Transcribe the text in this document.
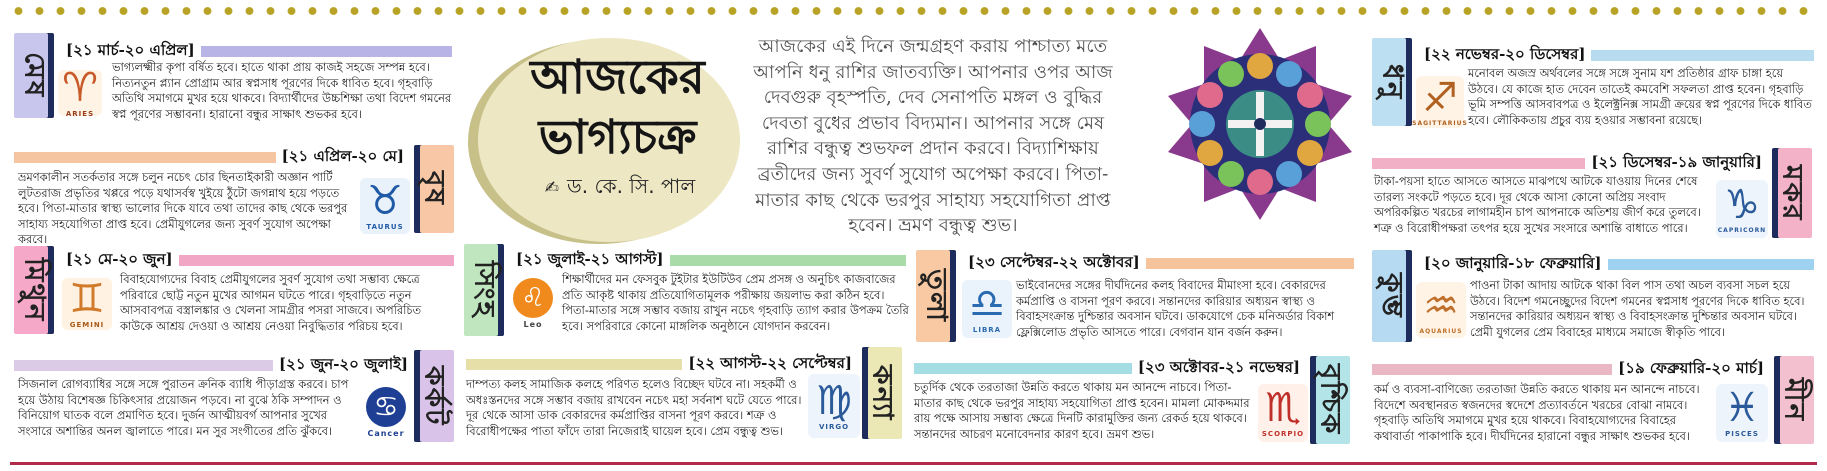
মেষ
[২১ মার্চ-২০ এপ্রিল]
♈
ARIES
ভাগ্যলক্ষ্মীর কৃপা বর্ষিত হবে। হাতে থাকা প্রায় কাজই সহজে সম্পন্ন হবে। নিত্যনতুন প্ল্যান প্রোগ্রাম আর স্বপ্নসাধ পূরণের দিকে ধাবিত হবে। গৃহবাড়ি অতিথি সমাগমে মুখর হয়ে থাকবে। বিদ্যার্থীদের উচ্চশিক্ষা তথা বিদেশ গমনের স্বপ্ন পূরণের সম্ভাবনা। হারানো বন্ধুর সাক্ষাৎ শুভকর হবে।
[২১ এপ্রিল-২০ মে]
বৃষ
♉
TAURUS
ভ্রমণকালীন সতর্কতার সঙ্গে চলুন নচেৎ চোর ছিনতাইকারী অজ্ঞান পার্টি লুটতরাজ প্রভৃতির খপ্পরে পড়ে যথাসর্বস্ব খুইয়ে ঠুঁটো জগন্নাথ হয়ে পড়তে হবে। পিতা-মাতার স্বাস্থ্য ভালোর দিকে যাবে তথা তাদের কাছ থেকে ভরপুর সাহায্য সহযোগিতা প্রাপ্ত হবে। প্রেমীযুগলের জন্য সুবর্ণ সুযোগ অপেক্ষা করবে।
মিথুন [২১ মে-২০ জুন]
♊
GEMINI
বিবাহযোগ্যদের বিবাহ প্রেমীযুগলের সুবর্ণ সুযোগ তথা সম্ভাব্য ক্ষেত্রে পরিবারে ছোট্ট নতুন মুখের আগমন ঘটতে পারে। গৃহবাড়িতে নতুন আসবাবপত্র বস্ত্রালঙ্কার ও খেলনা সামগ্রীর পসরা সাজবে। অপরিচিত কাউকে আশ্রয় দেওয়া ও আশ্রয় নেওয়া নিবুদ্ধিতার পরিচয় হবে।
[২১ জুন-২০ জুলাই]
কর্কট
♋
Cancer
সিজনাল রোগব্যাধির সঙ্গে সঙ্গে পুরাতন ক্রনিক ব্যাধি পীড়াগ্রস্ত করবে। চাপ হয়ে উঠায় বিশেষজ্ঞ চিকিৎসার প্রয়োজন পড়বে। না বুঝে ঠকি সম্পাদন ও বিনিয়োগ ঘাতক বলে প্রমাণিত হবে। দুর্জন আত্মীয়বর্গ আপনার সুখের সংসারে অশান্তির অনল জ্বালাতে পারে। মন সুর সংগীতের প্রতি ঝুঁকবে।
আজকের ভাগ্যচক্র
✍ ড. কে. সি. পাল
সিংহ
[২১ জুলাই-২১ আগস্ট]
♌
Leo
শিক্ষার্থীদের মন ফেসবুক টুইটার ইউটিউব প্রেম প্রসঙ্গ ও অনুচিৎ কাজবাজের প্রতি আকৃষ্ট থাকায় প্রতিযোগিতামূলক পরীক্ষায় জয়লাভ করা কঠিন হবে। পিতা-মাতার সঙ্গে সম্ভাব বজায় রাখুন নচেৎ গৃহবাড়ি ত্যাগ করার উপক্রম তৈরি হবে। সপরিবারে কোনো মাঙ্গলিক অনুষ্ঠানে যোগদান করবেন।
[২২ আগস্ট-২২ সেপ্টেম্বর]
কন্যা
♍
VIRGO
দাম্পত্য কলহ সামাজিক কলহে পরিণত হলেও বিচ্ছেদ ঘটবে না। সহকর্মী ও অধঃস্তনদের সঙ্গে সম্ভাব বজায় রাখবেন নচেৎ মহা সর্বনাশ ঘটে যেতে পারে। দূর থেকে আসা ডাক বেকারদের কর্মপ্রাপ্তির বাসনা পূরণ করবে। শত্রু ও বিরোধীপক্ষের পাতা ফাঁদে তারা নিজেরাই ঘায়েল হবে। প্রেম বন্ধুত্ব শুভ।
আজকের এই দিনে জন্মগ্রহণ করায় পাশ্চাত্য মতে আপনি ধনু রাশির জাতব্যক্তি। আপনার ওপর আজ দেবগুরু বৃহস্পতি, দেব সেনাপতি মঙ্গল ও বুদ্ধির দেবতা বুধের প্রভাব বিদ্যমান। আপনার সঙ্গে মেষ রাশির বন্ধুত্ব শুভফল প্রদান করবে। বিদ্যাশিক্ষায় ব্রতীদের জন্য সুবর্ণ সুযোগ অপেক্ষা করবে। পিতা-মাতার কাছ থেকে ভরপুর সাহায্য সহযোগিতা প্রাপ্ত হবেন। ভ্রমণ বন্ধুত্ব শুভ।
তুলা
[২৩ সেপ্টেম্বর-২২ অক্টোবর]
♎
LIBRA
ভাইবোনদের সঙ্গের দীর্ঘদিনের কলহ বিবাদের মীমাংসা হবে। বেকারদের কর্মপ্রাপ্তি ও বাসনা পূরণ করবে। সন্তানদের কারিয়ার অধ্যয়ন স্বাস্থ্য ও বিবাহসংক্রান্ত দুশ্চিন্তার অবসান ঘটবে। ডাকযোগে চেক মনিঅর্ডার বিকাশ ফ্লেক্সিলোড প্রভৃতি আসতে পারে। বেগবান যান বর্জন করুন।
[২৩ অক্টোবর-২১ নভেম্বর] বৃশ্চিক
♏
SCORPIO
চতুর্দিক থেকে তরতাজা উন্নতি করতে থাকায় মন আনন্দে নাচবে। পিতা-মাতার কাছ থেকে ভরপুর সাহায্য সহযোগিতা প্রাপ্ত হবেন। মামলা মোকদ্দমার রায় পক্ষে আসায় সম্ভাব্য ক্ষেত্রে দিনটি কারামুক্তির জন্য রেকর্ড হয়ে থাকবে। সন্তানদের আচরণ মনোবেদনার কারণ হবে। ভ্রমণ শুভ।
ধনু
[২২ নভেম্বর-২০ ডিসেম্বর]
♐
SAGITTARIUS
মনোবল অজস্র অর্থবলের সঙ্গে সঙ্গে সুনাম যশ প্রতিষ্ঠার গ্রাফ চাঙ্গা হয়ে উঠবে। যে কাজে হাত দেবেন তাতেই কমবেশি সফলতা প্রাপ্ত হবেন। গৃহবাড়ি ভূমি সম্পত্তি আসবাবপত্র ও ইলেক্ট্রনিক্স সামগ্রী ক্রয়ের স্বপ্ন পূরণের দিকে ধাবিত হবে। লৌকিকতায় প্রচুর ব্যয় হওয়ার সম্ভাবনা রয়েছে।
[২১ ডিসেম্বর-১৯ জানুয়ারি]
মকর
♑
CAPRICORN
টাকা-পয়সা হাতে আসতে আসতে মাঝপথে আটকে যাওয়ায় দিনের শেষে তারল্য সংকটে পড়তে হবে। দূর থেকে আসা কোনো অপ্রিয় সংবাদ অপরিকল্পিত খরচের লাগামহীন চাপ আপনাকে অতিশয় জীর্ণ করে তুলবে। শত্রু ও বিরোধীপক্ষরা তৎপর হয়ে সুখের সংসারে অশান্তি বাধাতে পারে।
কুম্ভ
[২০ জানুয়ারি-১৮ ফেব্রুয়ারি]
♒
AQUARIUS
পাওনা টাকা আদায় আটকে থাকা বিল পাস তথা অচল ব্যবসা সচল হয়ে উঠবে। বিদেশ গমনেচ্ছুদের বিদেশ গমনের স্বপ্নসাধ পূরণের দিকে ধাবিত হবে। সন্তানদের কারিয়ার অধ্যয়ন স্বাস্থ্য ও বিবাহসংক্রান্ত দুশ্চিন্তার অবসান ঘটবে। প্রেমী যুগলের প্রেম বিবাহের মাধ্যমে সমাজে স্বীকৃতি পাবে।
[১৯ ফেব্রুয়ারি-২০ মার্চ]
মীন
♓
PISCES
কর্ম ও ব্যবসা-বাণিজ্যে তরতাজা উন্নতি করতে থাকায় মন আনন্দে নাচবে। বিদেশে অবস্থানরত স্বজনদের স্বদেশে প্রত্যাবর্তনে খরচের বোঝা নামবে। গৃহবাড়ি অতিথি সমাগমে মুখর হয়ে থাকবে। বিবাহযোগ্যদের বিবাহের কথাবার্তা পাকাপাকি হবে। দীর্ঘদিনের হারানো বন্ধুর সাক্ষাৎ শুভকর হবে।
